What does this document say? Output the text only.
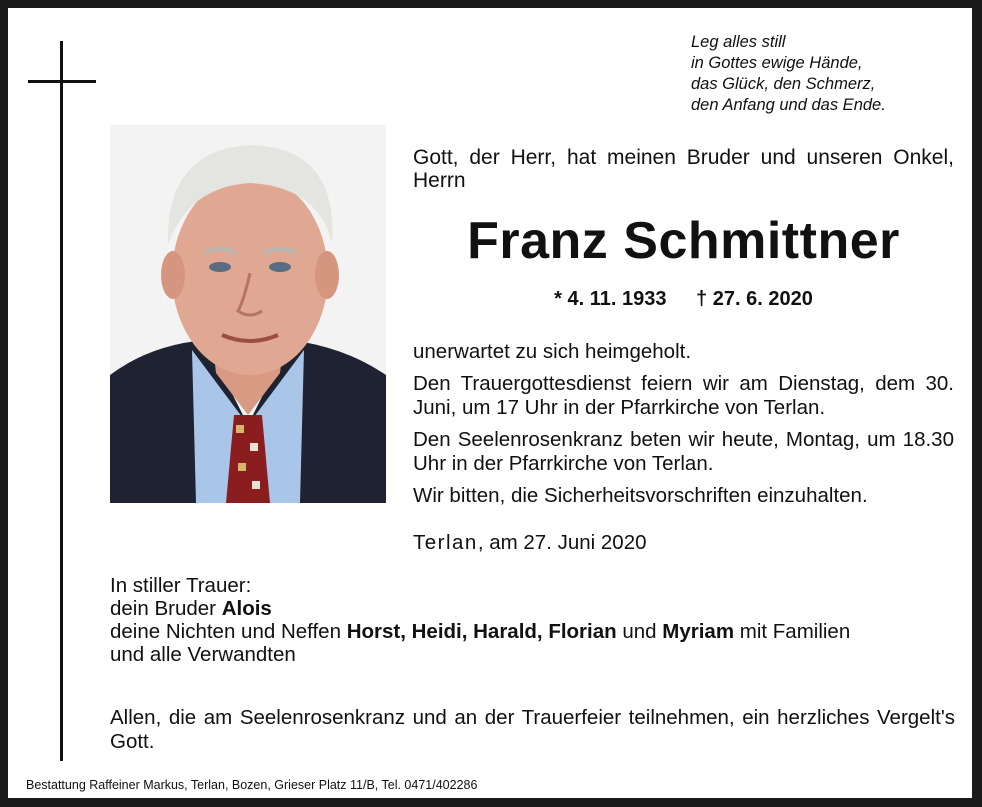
Leg alles still
in Gottes ewige Hände,
das Glück, den Schmerz,
den Anfang und das Ende.
Gott, der Herr, hat meinen Bruder und unseren Onkel, Herrn
Franz Schmittner
* 4. 11. 1933 † 27. 6. 2020
unerwartet zu sich heimgeholt.
Den Trauergottesdienst feiern wir am Dienstag, dem 30. Juni, um 17 Uhr in der Pfarrkirche von Terlan.
Den Seelenrosenkranz beten wir heute, Montag, um 18.30 Uhr in der Pfarrkirche von Terlan.
Wir bitten, die Sicherheitsvorschriften einzuhalten.
Terlan, am 27. Juni 2020
In stiller Trauer:
dein Bruder Alois
deine Nichten und Neffen Horst, Heidi, Harald, Florian und Myriam mit Familien
und alle Verwandten
Allen, die am Seelenrosenkranz und an der Trauerfeier teilnehmen, ein herzliches Vergelt's Gott.
Bestattung Raffeiner Markus, Terlan, Bozen, Grieser Platz 11/B, Tel. 0471/402286
